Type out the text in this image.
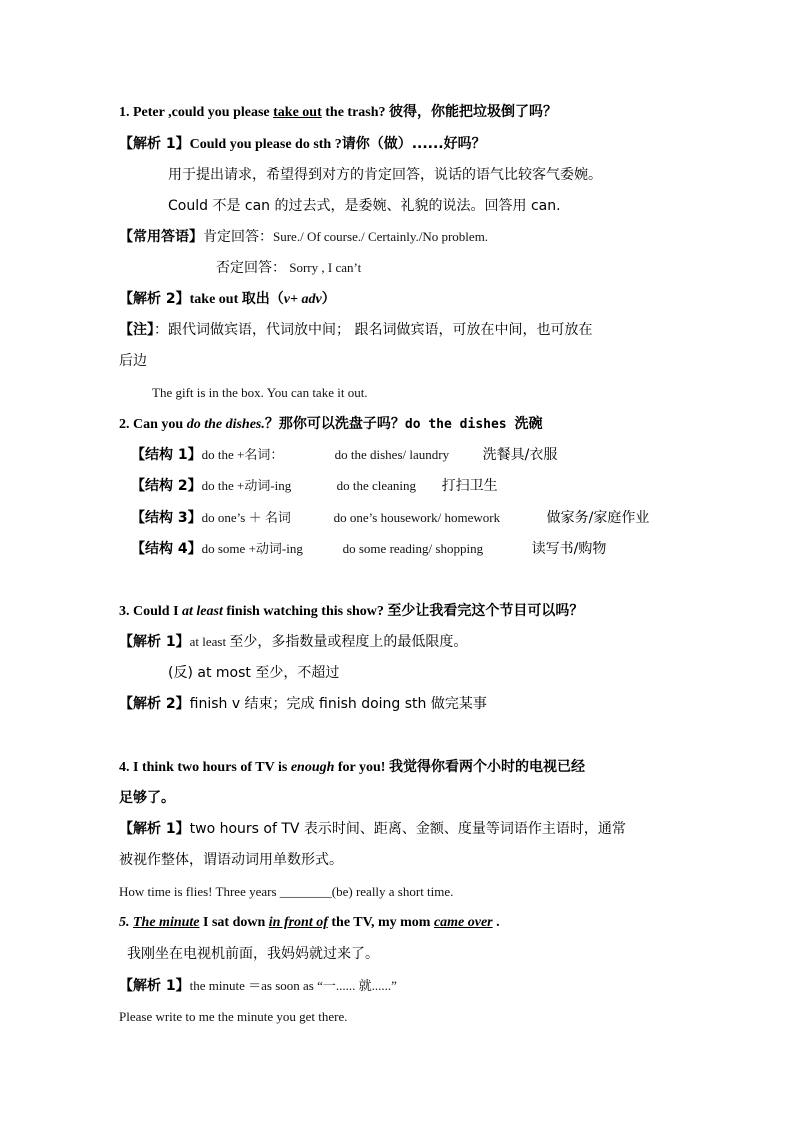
1. Peter ,could you please take out the trash? 彼得，你能把垃圾倒了吗？
【解析 1】Could you please do sth ?请你（做）......好吗？
用于提出请求，希望得到对方的肯定回答，说话的语气比较客气委婉。
Could 不是 can 的过去式，是委婉、礼貌的说法。回答用 can.
【常用答语】肯定回答：Sure./ Of course./ Certainly./No problem.
否定回答： Sorry , I can’t
【解析 2】take out 取出（v+ adv）
【注】：跟代词做宾语，代词放中间； 跟名词做宾语，可放在中间，也可放在
后边
The gift is in the box. You can take it out.
2. Can you do the dishes.？那你可以洗盘子吗？do the dishes 洗碗
【结构 1】do the +名词：	do the dishes/ laundry 洗餐具/衣服
【结构 2】do the +动词-ing	do the cleaning 打扫卫生
【结构 3】do one’s ＋ 名词	do one’s housework/ homework	做家务/家庭作业
【结构 4】do some +动词-ing	do some reading/ shopping	读写书/购物
3. Could I at least finish watching this show? 至少让我看完这个节目可以吗？
【解析 1】at least 至少，多指数量或程度上的最低限度。
(反) at most 至少，不超过
【解析 2】finish v 结束；完成 finish doing sth 做完某事
4. I think two hours of TV is enough for you! 我觉得你看两个小时的电视已经
足够了。
【解析 1】two hours of TV 表示时间、距离、金额、度量等词语作主语时，通常
被视作整体，谓语动词用单数形式。
How time is flies! Three years ________(be) really a short time.
5. The minute I sat down in front of the TV, my mom came over .
我刚坐在电视机前面，我妈妈就过来了。
【解析 1】the minute ＝as soon as “一...... 就......”
Please write to me the minute you get there.
